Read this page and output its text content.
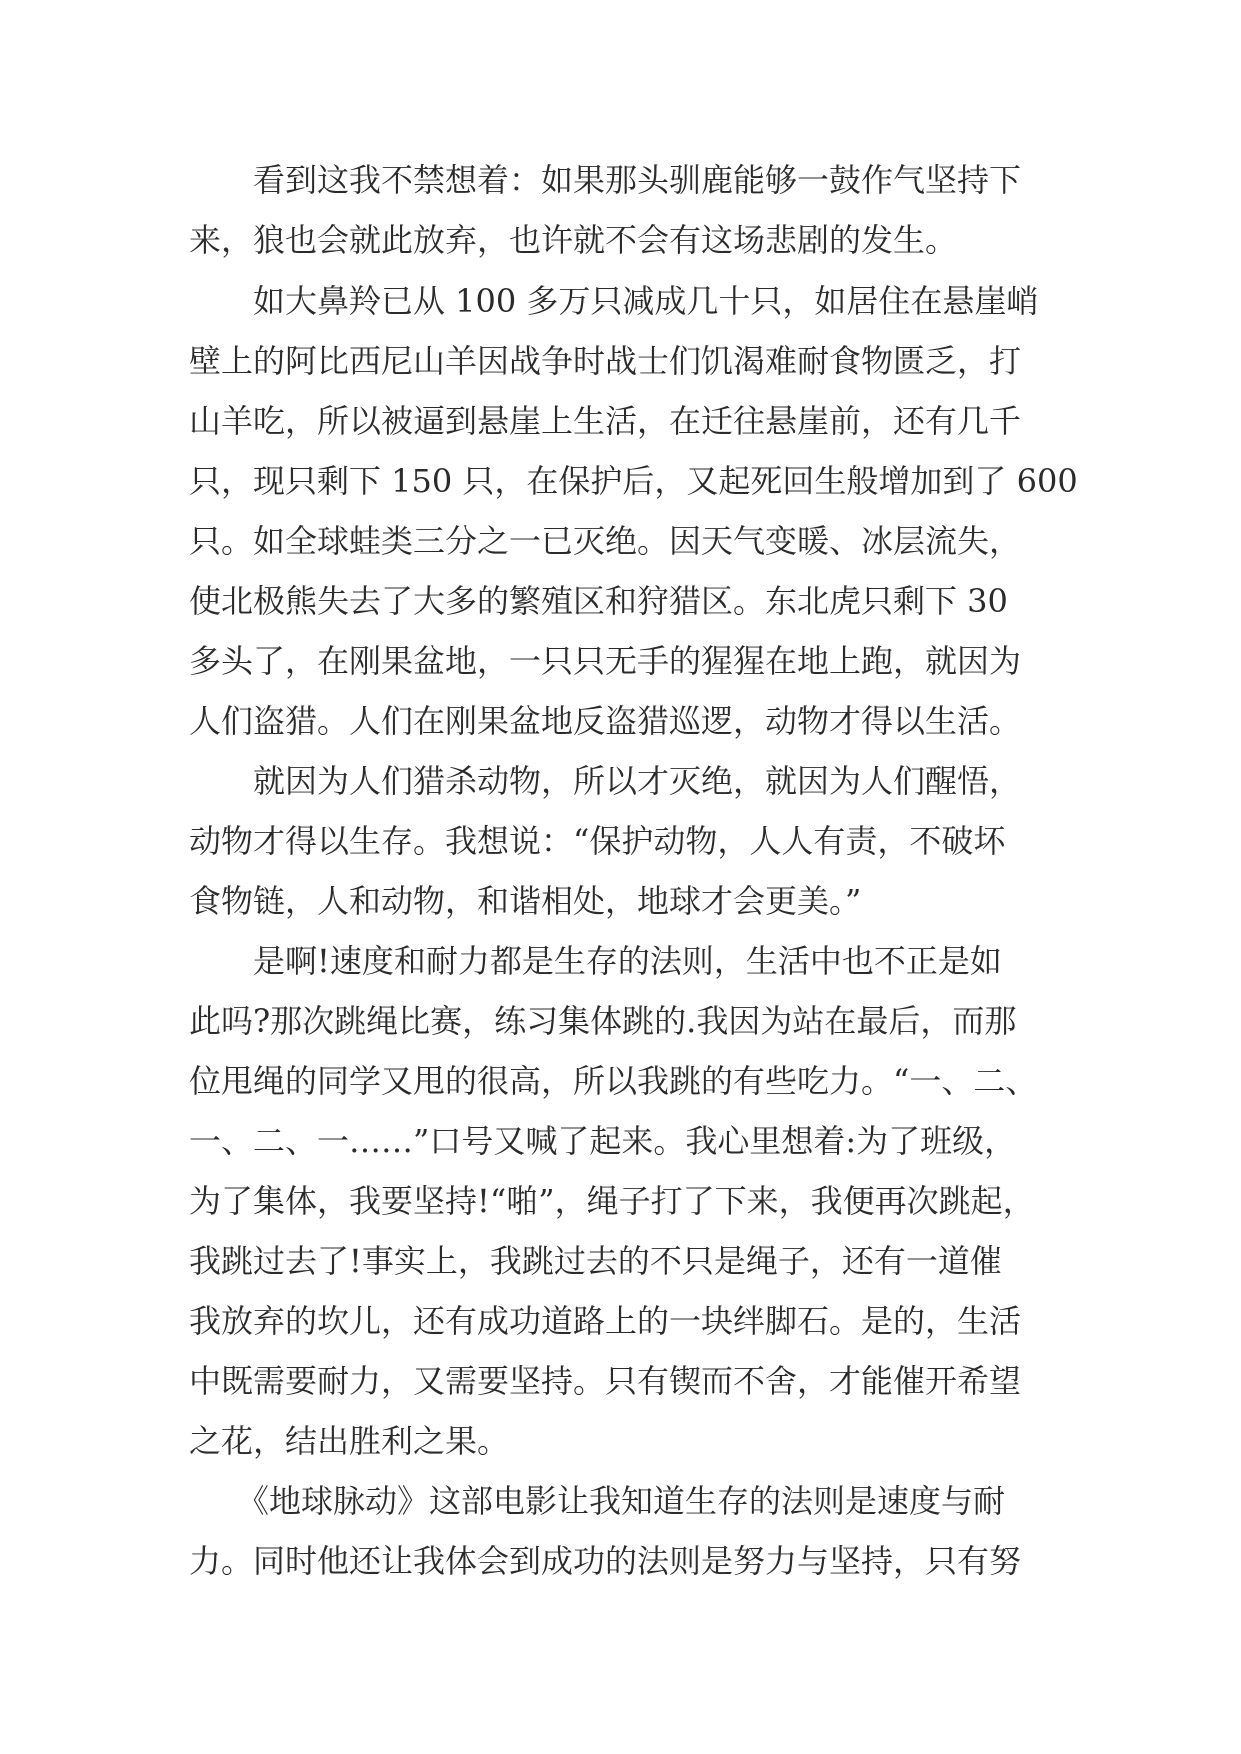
　　看到这我不禁想着：如果那头驯鹿能够一鼓作气坚持下

来，狼也会就此放弃，也许就不会有这场悲剧的发生。

　　如大鼻羚已从 100 多万只减成几十只，如居住在悬崖峭

壁上的阿比西尼山羊因战争时战士们饥渴难耐食物匮乏，打

山羊吃，所以被逼到悬崖上生活，在迁往悬崖前，还有几千

只，现只剩下 150 只，在保护后，又起死回生般增加到了 600

只。如全球蛙类三分之一已灭绝。因天气变暖、冰层流失，

使北极熊失去了大多的繁殖区和狩猎区。东北虎只剩下 30

多头了，在刚果盆地，一只只无手的猩猩在地上跑，就因为

人们盗猎。人们在刚果盆地反盗猎巡逻，动物才得以生活。

　　就因为人们猎杀动物，所以才灭绝，就因为人们醒悟，

动物才得以生存。我想说：“保护动物，人人有责，不破坏

食物链，人和动物，和谐相处，地球才会更美。”

　　是啊!速度和耐力都是生存的法则，生活中也不正是如

此吗?那次跳绳比赛，练习集体跳的.我因为站在最后，而那

位甩绳的同学又甩的很高，所以我跳的有些吃力。“一、二、

一、二、一……”口号又喊了起来。我心里想着:为了班级，

为了集体，我要坚持!“啪”，绳子打了下来，我便再次跳起，

我跳过去了!事实上，我跳过去的不只是绳子，还有一道催

我放弃的坎儿，还有成功道路上的一块绊脚石。是的，生活

中既需要耐力，又需要坚持。只有锲而不舍，才能催开希望

之花，结出胜利之果。

　　《地球脉动》这部电影让我知道生存的法则是速度与耐

力。同时他还让我体会到成功的法则是努力与坚持，只有努
